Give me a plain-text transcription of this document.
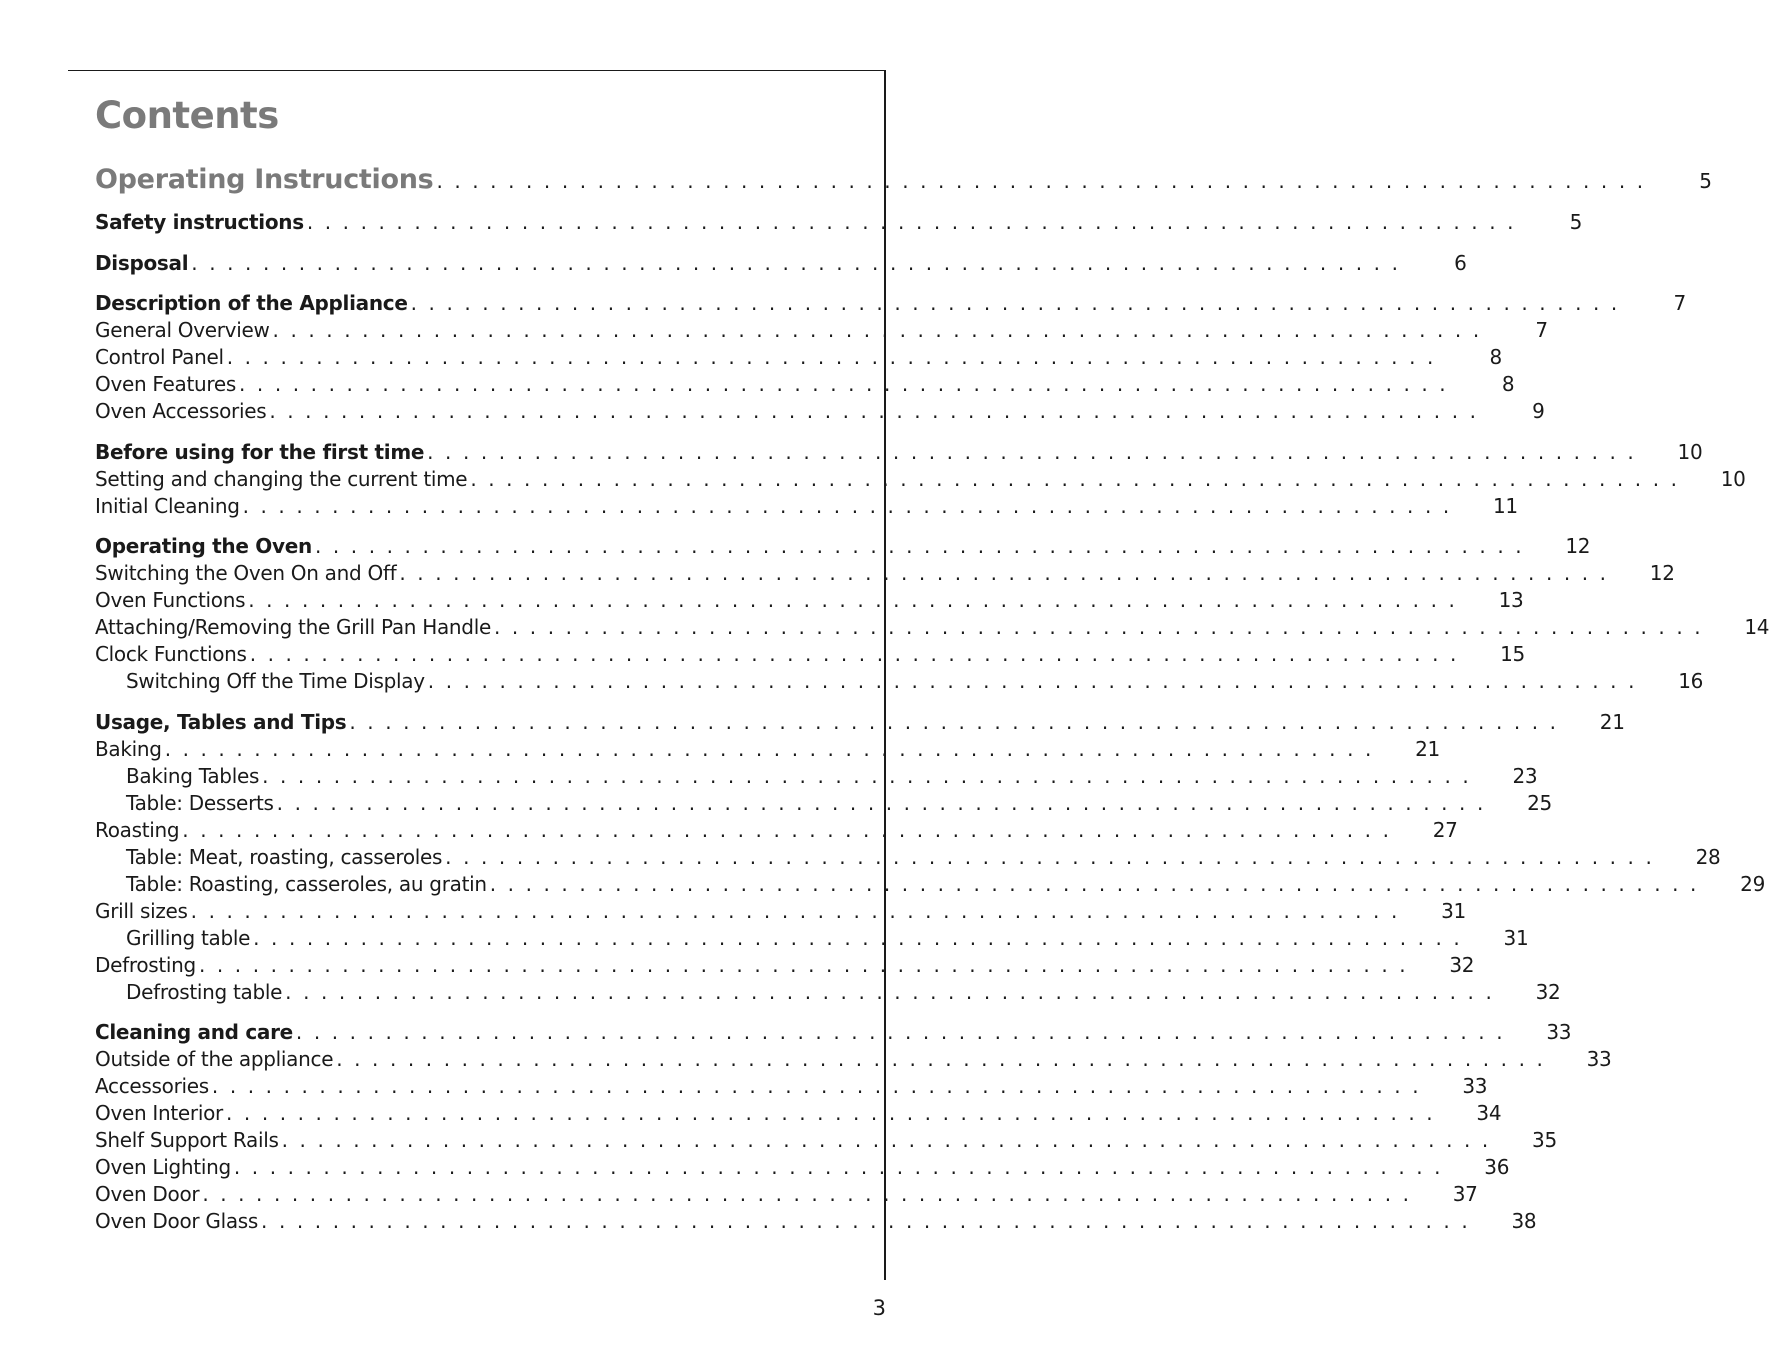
Contents
Operating Instructions . . . . . . . . . . . . . . . . . . . . . . . . . . . . . . . . . . . . . . . . . . . . . . . . . . . . . . . . . . . . . . . . . . . .	5
Safety instructions . . . . . . . . . . . . . . . . . . . . . . . . . . . . . . . . . . . . . . . . . . . . . . . . . . . . . . . . . . . . . . . . . . . .	5
Disposal . . . . . . . . . . . . . . . . . . . . . . . . . . . . . . . . . . . . . . . . . . . . . . . . . . . . . . . . . . . . . . . . . . . .	6
Description of the Appliance . . . . . . . . . . . . . . . . . . . . . . . . . . . . . . . . . . . . . . . . . . . . . . . . . . . . . . . . . . . . . . . . . . . .	7
General Overview . . . . . . . . . . . . . . . . . . . . . . . . . . . . . . . . . . . . . . . . . . . . . . . . . . . . . . . . . . . . . . . . . . . .	7
Control Panel . . . . . . . . . . . . . . . . . . . . . . . . . . . . . . . . . . . . . . . . . . . . . . . . . . . . . . . . . . . . . . . . . . . .	8
Oven Features . . . . . . . . . . . . . . . . . . . . . . . . . . . . . . . . . . . . . . . . . . . . . . . . . . . . . . . . . . . . . . . . . . . .	8
Oven Accessories . . . . . . . . . . . . . . . . . . . . . . . . . . . . . . . . . . . . . . . . . . . . . . . . . . . . . . . . . . . . . . . . . . . .	9
Before using for the first time . . . . . . . . . . . . . . . . . . . . . . . . . . . . . . . . . . . . . . . . . . . . . . . . . . . . . . . . . . . . . . . . . . . .	10
Setting and changing the current time . . . . . . . . . . . . . . . . . . . . . . . . . . . . . . . . . . . . . . . . . . . . . . . . . . . . . . . . . . . . . . . . . . . .	10
Initial Cleaning . . . . . . . . . . . . . . . . . . . . . . . . . . . . . . . . . . . . . . . . . . . . . . . . . . . . . . . . . . . . . . . . . . . .	11
Operating the Oven . . . . . . . . . . . . . . . . . . . . . . . . . . . . . . . . . . . . . . . . . . . . . . . . . . . . . . . . . . . . . . . . . . . .	12
Switching the Oven On and Off . . . . . . . . . . . . . . . . . . . . . . . . . . . . . . . . . . . . . . . . . . . . . . . . . . . . . . . . . . . . . . . . . . . .	12
Oven Functions . . . . . . . . . . . . . . . . . . . . . . . . . . . . . . . . . . . . . . . . . . . . . . . . . . . . . . . . . . . . . . . . . . . .	13
Attaching/Removing the Grill Pan Handle . . . . . . . . . . . . . . . . . . . . . . . . . . . . . . . . . . . . . . . . . . . . . . . . . . . . . . . . . . . . . . . . . . . .	14
Clock Functions . . . . . . . . . . . . . . . . . . . . . . . . . . . . . . . . . . . . . . . . . . . . . . . . . . . . . . . . . . . . . . . . . . . .	15
Switching Off the Time Display . . . . . . . . . . . . . . . . . . . . . . . . . . . . . . . . . . . . . . . . . . . . . . . . . . . . . . . . . . . . . . . . . . . .	16
Usage, Tables and Tips . . . . . . . . . . . . . . . . . . . . . . . . . . . . . . . . . . . . . . . . . . . . . . . . . . . . . . . . . . . . . . . . . . . .	21
Baking . . . . . . . . . . . . . . . . . . . . . . . . . . . . . . . . . . . . . . . . . . . . . . . . . . . . . . . . . . . . . . . . . . . .	21
Baking Tables . . . . . . . . . . . . . . . . . . . . . . . . . . . . . . . . . . . . . . . . . . . . . . . . . . . . . . . . . . . . . . . . . . . .	23
Table: Desserts . . . . . . . . . . . . . . . . . . . . . . . . . . . . . . . . . . . . . . . . . . . . . . . . . . . . . . . . . . . . . . . . . . . .	25
Roasting . . . . . . . . . . . . . . . . . . . . . . . . . . . . . . . . . . . . . . . . . . . . . . . . . . . . . . . . . . . . . . . . . . . .	27
Table: Meat, roasting, casseroles . . . . . . . . . . . . . . . . . . . . . . . . . . . . . . . . . . . . . . . . . . . . . . . . . . . . . . . . . . . . . . . . . . . .	28
Table: Roasting, casseroles, au gratin . . . . . . . . . . . . . . . . . . . . . . . . . . . . . . . . . . . . . . . . . . . . . . . . . . . . . . . . . . . . . . . . . . . .	29
Grill sizes . . . . . . . . . . . . . . . . . . . . . . . . . . . . . . . . . . . . . . . . . . . . . . . . . . . . . . . . . . . . . . . . . . . .	31
Grilling table . . . . . . . . . . . . . . . . . . . . . . . . . . . . . . . . . . . . . . . . . . . . . . . . . . . . . . . . . . . . . . . . . . . .	31
Defrosting . . . . . . . . . . . . . . . . . . . . . . . . . . . . . . . . . . . . . . . . . . . . . . . . . . . . . . . . . . . . . . . . . . . .	32
Defrosting table . . . . . . . . . . . . . . . . . . . . . . . . . . . . . . . . . . . . . . . . . . . . . . . . . . . . . . . . . . . . . . . . . . . .	32
Cleaning and care . . . . . . . . . . . . . . . . . . . . . . . . . . . . . . . . . . . . . . . . . . . . . . . . . . . . . . . . . . . . . . . . . . . .	33
Outside of the appliance . . . . . . . . . . . . . . . . . . . . . . . . . . . . . . . . . . . . . . . . . . . . . . . . . . . . . . . . . . . . . . . . . . . .	33
Accessories . . . . . . . . . . . . . . . . . . . . . . . . . . . . . . . . . . . . . . . . . . . . . . . . . . . . . . . . . . . . . . . . . . . .	33
Oven Interior . . . . . . . . . . . . . . . . . . . . . . . . . . . . . . . . . . . . . . . . . . . . . . . . . . . . . . . . . . . . . . . . . . . .	34
Shelf Support Rails . . . . . . . . . . . . . . . . . . . . . . . . . . . . . . . . . . . . . . . . . . . . . . . . . . . . . . . . . . . . . . . . . . . .	35
Oven Lighting . . . . . . . . . . . . . . . . . . . . . . . . . . . . . . . . . . . . . . . . . . . . . . . . . . . . . . . . . . . . . . . . . . . .	36
Oven Door . . . . . . . . . . . . . . . . . . . . . . . . . . . . . . . . . . . . . . . . . . . . . . . . . . . . . . . . . . . . . . . . . . . .	37
Oven Door Glass . . . . . . . . . . . . . . . . . . . . . . . . . . . . . . . . . . . . . . . . . . . . . . . . . . . . . . . . . . . . . . . . . . . .	38
3
